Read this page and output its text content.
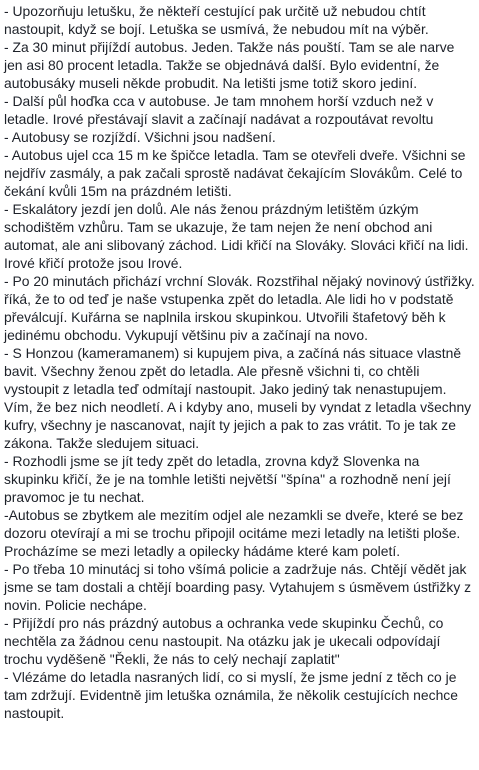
- Upozorňuju letušku, že někteří cestující pak určitě už nebudou chtít nastoupit, když se bojí. Letuška se usmívá, že nebudou mít na výběr.

- Za 30 minut přijíždí autobus. Jeden. Takže nás pouští. Tam se ale narve jen asi 80 procent letadla. Takže se objednává další. Bylo evidentní, že autobusáky museli někde probudit. Na letišti jsme totiž skoro jediní.

- Další půl hoďka cca v autobuse. Je tam mnohem horší vzduch než v letadle. Irové přestávají slavit a začínají nadávat a rozpoutávat revoltu

- Autobusy se rozjíždí. Všichni jsou nadšení.

- Autobus ujel cca 15 m ke špičce letadla. Tam se otevřeli dveře. Všichni se nejdřív zasmály, a pak začali sprostě nadávat čekajícím Slovákům. Celé to čekání kvůli 15m na prázdném letišti.

- Eskalátory jezdí jen dolů. Ale nás ženou prázdným letištěm úzkým schodištěm vzhůru. Tam se ukazuje, že tam nejen že není obchod ani automat, ale ani slibovaný záchod. Lidi křičí na Slováky. Slováci křičí na lidi. Irové křičí protože jsou Irové.

- Po 20 minutách přichází vrchní Slovák. Rozstřihal nějaký novinový ústřižky. říká, že to od teď je naše vstupenka zpět do letadla. Ale lidi ho v podstatě převálcují. Kuřárna se naplnila irskou skupinkou. Utvořili štafetový běh k jedinému obchodu. Vykupují většinu piv a začínají na novo.

- S Honzou (kameramanem) si kupujem piva, a začíná nás situace vlastně bavit. Všechny ženou zpět do letadla. Ale přesně všichni ti, co chtěli vystoupit z letadla teď odmítají nastoupit. Jako jediný tak nenastupujem. Vím, že bez nich neodletí. A i kdyby ano, museli by vyndat z letadla všechny kufry, všechny je nascanovat, najít ty jejich a pak to zas vrátit. To je tak ze zákona. Takže sledujem situaci.

- Rozhodli jsme se jít tedy zpět do letadla, zrovna když Slovenka na skupinku křičí, že je na tomhle letišti největší "špína" a rozhodně není její pravomoc je tu nechat.

-Autobus se zbytkem ale mezitím odjel ale nezamkli se dveře, které se bez dozoru otevírají a mi se trochu připojil ocitáme mezi letadly na letišti ploše. Procházíme se mezi letadly a opilecky hádáme které kam poletí.

- Po třeba 10 minutácj si toho všímá policie a zadržuje nás. Chtějí vědět jak jsme se tam dostali a chtějí boarding pasy. Vytahujem s úsměvem ústřižky z novin. Policie nechápe.

- Přijíždí pro nás prázdný autobus a ochranka vede skupinku Čechů, co nechtěla za žádnou cenu nastoupit. Na otázku jak je ukecali odpovídají trochu vyděšeně "Řekli, že nás to celý nechají zaplatit"

- Vlézáme do letadla nasraných lidí, co si myslí, že jsme jední z těch co je tam zdržují. Evidentně jim letuška oznámila, že několik cestujících nechce nastoupit.
